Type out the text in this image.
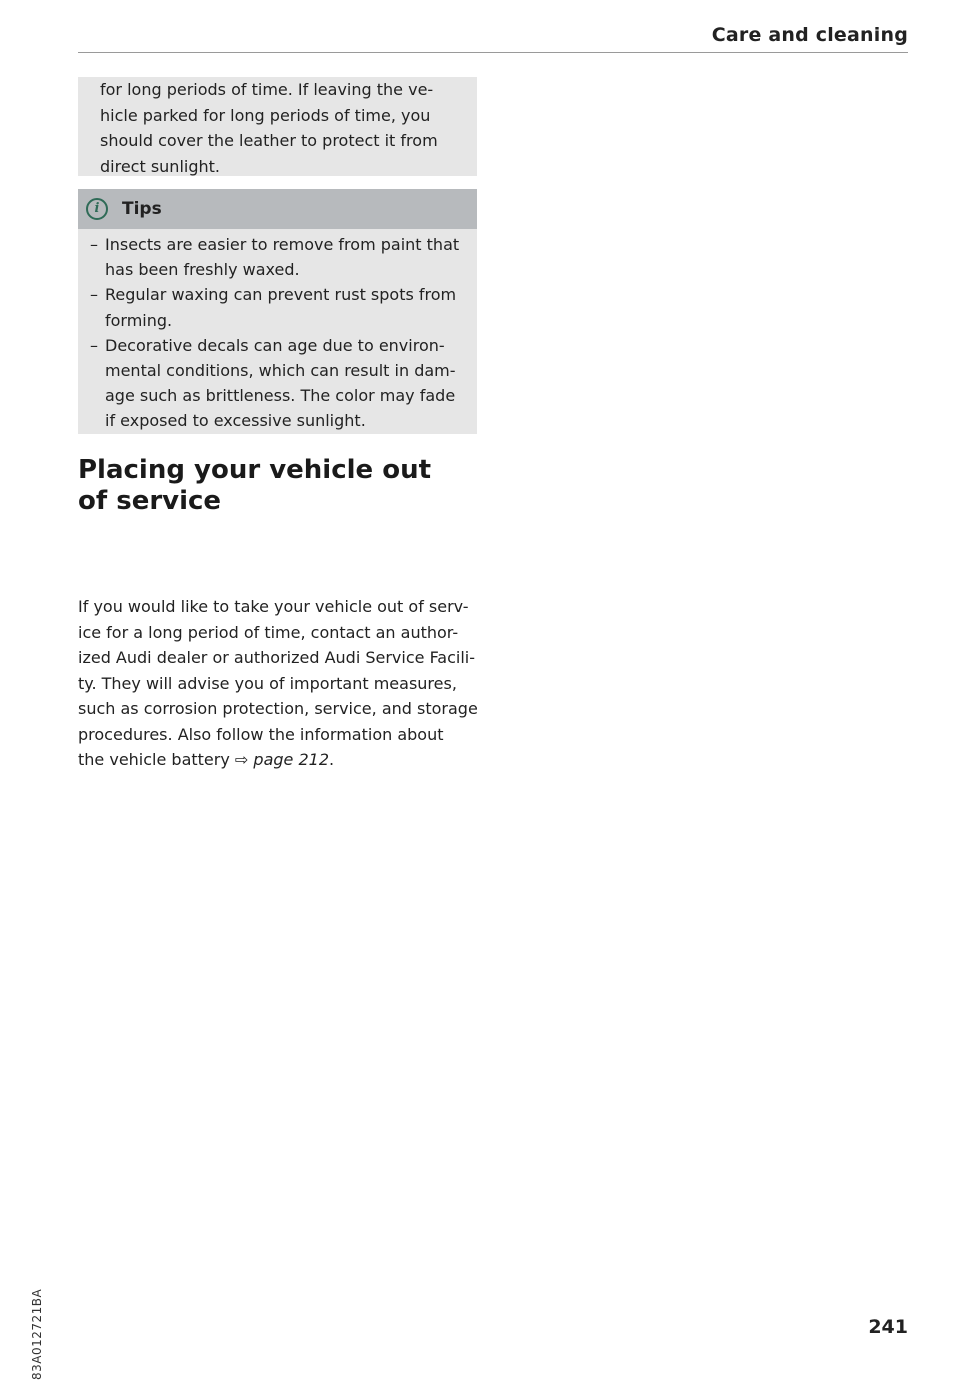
Care and cleaning

for long periods of time. If leaving the ve-

hicle parked for long periods of time, you

should cover the leather to protect it from

direct sunlight.

i	Tips
– Insects are easier to remove from paint that
has been freshly waxed.
– Regular waxing can prevent rust spots from
forming.
– Decorative decals can age due to environ-
mental conditions, which can result in dam-
age such as brittleness. The color may fade
if exposed to excessive sunlight.
Placing your vehicle out
of service

If you would like to take your vehicle out of serv-
ice for a long period of time, contact an author-
ized Audi dealer or authorized Audi Service Facili-
ty. They will advise you of important measures,
such as corrosion protection, service, and storage
procedures. Also follow the information about
the vehicle battery ⇨ page 212.

83A012721BA	241
